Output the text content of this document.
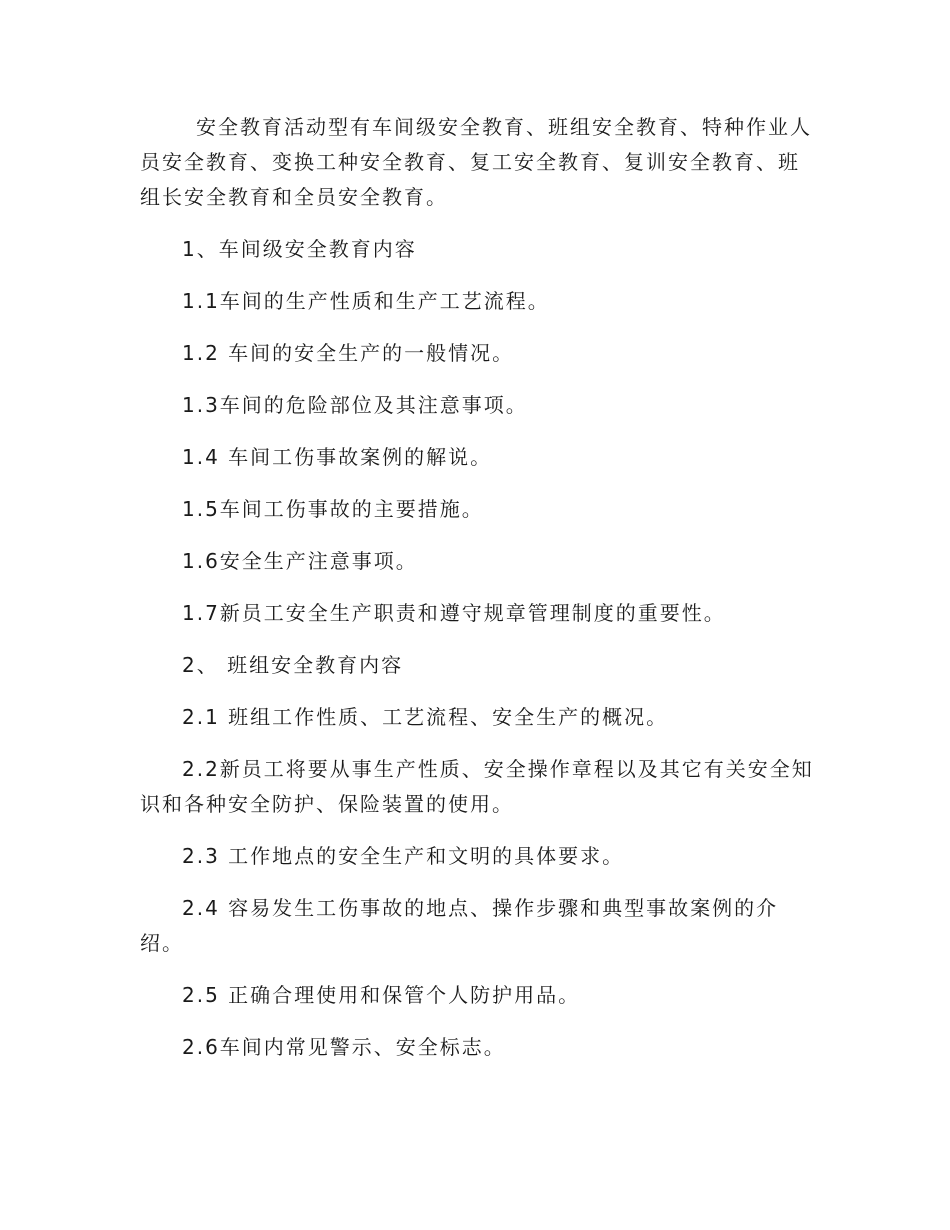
安全教育活动型有车间级安全教育、班组安全教育、特种作业人员安全教育、变换工种安全教育、复工安全教育、复训安全教育、班组长安全教育和全员安全教育。

1、车间级安全教育内容

1.1车间的生产性质和生产工艺流程。

1.2 车间的安全生产的一般情况。

1.3车间的危险部位及其注意事项。

1.4 车间工伤事故案例的解说。

1.5车间工伤事故的主要措施。

1.6安全生产注意事项。

1.7新员工安全生产职责和遵守规章管理制度的重要性。

2、 班组安全教育内容

2.1 班组工作性质、工艺流程、安全生产的概况。

2.2新员工将要从事生产性质、安全操作章程以及其它有关安全知识和各种安全防护、保险装置的使用。

2.3 工作地点的安全生产和文明的具体要求。

2.4 容易发生工伤事故的地点、操作步骤和典型事故案例的介绍。

2.5 正确合理使用和保管个人防护用品。

2.6车间内常见警示、安全标志。
